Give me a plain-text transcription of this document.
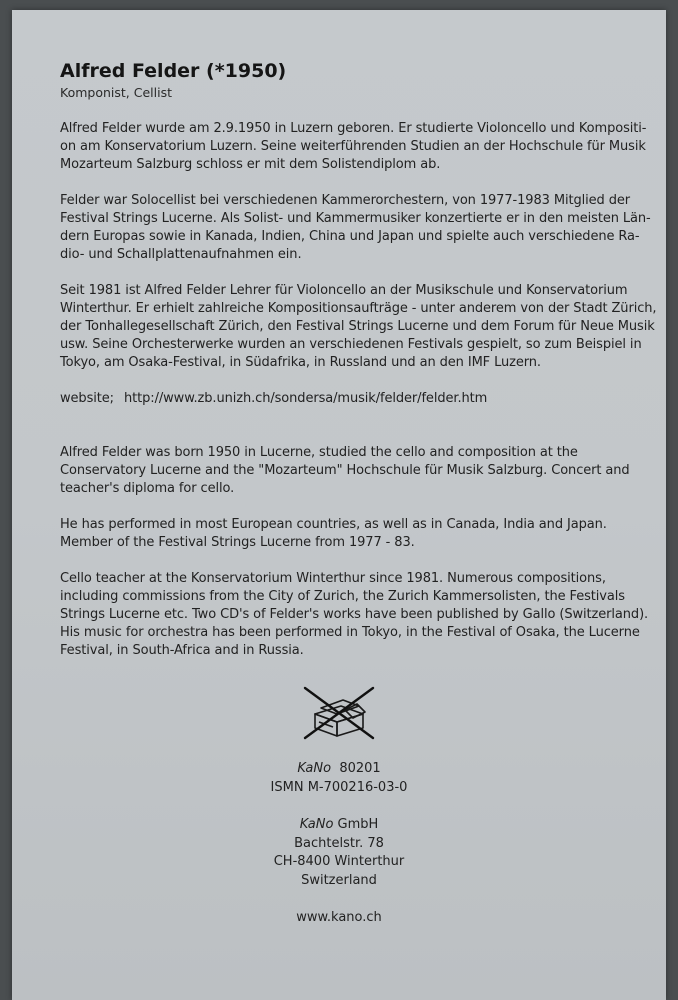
Alfred Felder (*1950)

Komponist, Cellist

Alfred Felder wurde am 2.9.1950 in Luzern geboren. Er studierte Violoncello und Kompositi-
on am Konservatorium Luzern. Seine weiterführenden Studien an der Hochschule für Musik
Mozarteum Salzburg schloss er mit dem Solistendiplom ab.

Felder war Solocellist bei verschiedenen Kammerorchestern, von 1977-1983 Mitglied der
Festival Strings Lucerne. Als Solist- und Kammermusiker konzertierte er in den meisten Län-
dern Europas sowie in Kanada, Indien, China und Japan und spielte auch verschiedene Ra-
dio- und Schallplattenaufnahmen ein.

Seit 1981 ist Alfred Felder Lehrer für Violoncello an der Musikschule und Konservatorium
Winterthur. Er erhielt zahlreiche Kompositionsaufträge - unter anderem von der Stadt Zürich,
der Tonhallegesellschaft Zürich, den Festival Strings Lucerne und dem Forum für Neue Musik
usw. Seine Orchesterwerke wurden an verschiedenen Festivals gespielt, so zum Beispiel in
Tokyo, am Osaka-Festival, in Südafrika, in Russland und an den IMF Luzern.

website; http://www.zb.unizh.ch/sondersa/musik/felder/felder.htm

Alfred Felder was born 1950 in Lucerne, studied the cello and composition at the
Conservatory Lucerne and the "Mozarteum" Hochschule für Musik Salzburg. Concert and
teacher's diploma for cello.

He has performed in most European countries, as well as in Canada, India and Japan.
Member of the Festival Strings Lucerne from 1977 - 83.

Cello teacher at the Konservatorium Winterthur since 1981. Numerous compositions,
including commissions from the City of Zurich, the Zurich Kammersolisten, the Festivals
Strings Lucerne etc. Two CD's of Felder's works have been published by Gallo (Switzerland).
His music for orchestra has been performed in Tokyo, in the Festival of Osaka, the Lucerne
Festival, in South-Africa and in Russia.

KaNo 80201
ISMN M-700216-03-0
KaNo GmbH
Bachtelstr. 78
CH-8400 Winterthur
Switzerland
www.kano.ch
